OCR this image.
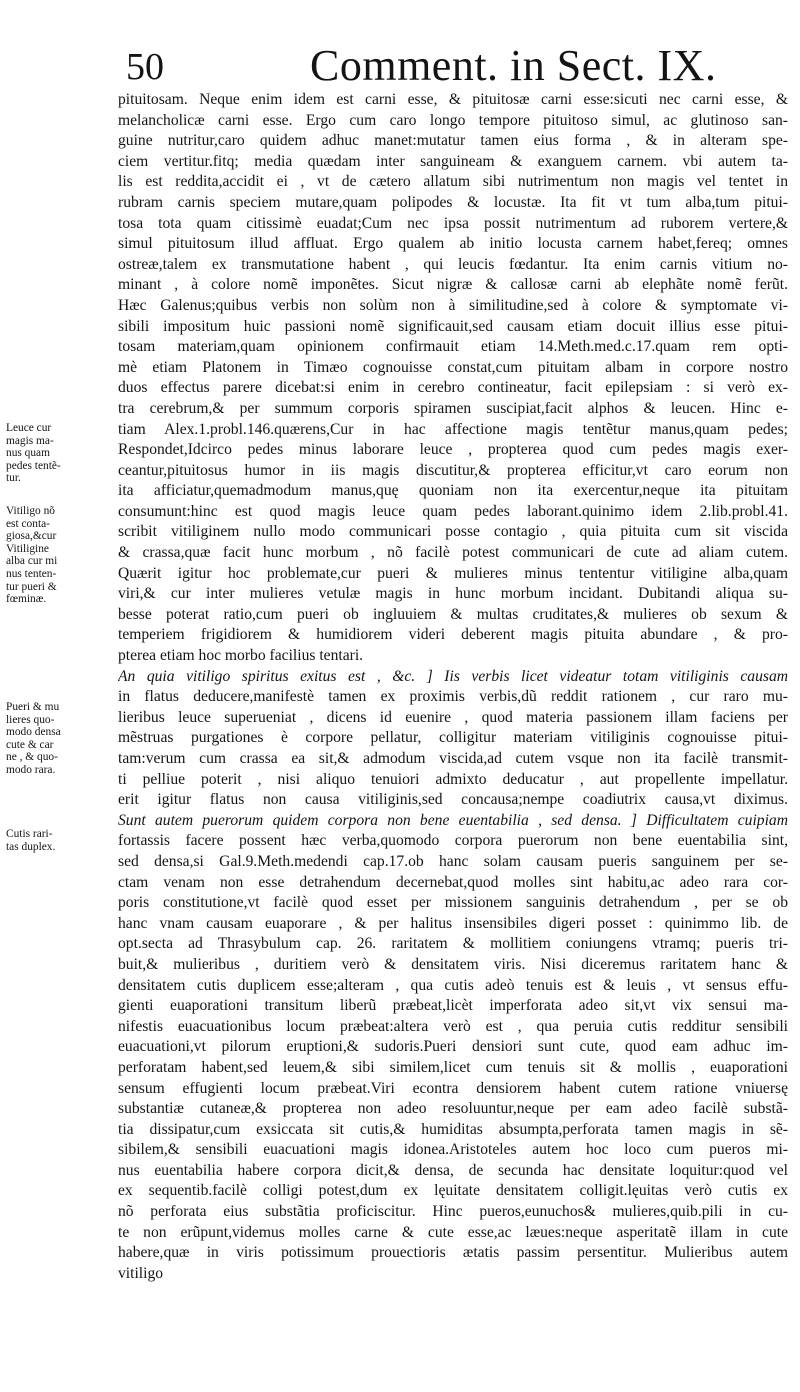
50	Comment. in Sect. IX.
pituitosam. Neque enim idem est carni esse, & pituitosæ carni esse:sicuti nec carni esse, &
melancholicæ carni esse. Ergo cum caro longo tempore pituitoso simul, ac glutinoso san-
guine nutritur,caro quidem adhuc manet:mutatur tamen eius forma , & in alteram spe-
ciem vertitur.fitq; media quædam inter sanguineam & exanguem carnem. vbi autem ta-
lis est reddita,accidit ei , vt de cætero allatum sibi nutrimentum non magis vel tentet in
rubram carnis speciem mutare,quam polipodes & locustæ. Ita fit vt tum alba,tum pitui-
tosa tota quam citissimè euadat;Cum nec ipsa possit nutrimentum ad ruborem vertere,&
simul pituitosum illud affluat. Ergo qualem ab initio locusta carnem habet,fereq; omnes
ostreæ,talem ex transmutatione habent , qui leucis fœdantur. Ita enim carnis vitium no-
minant , à colore nomẽ imponẽtes. Sicut nigræ & callosæ carni ab elephãte nomẽ ferũt.
Hæc Galenus;quibus verbis non solùm non à similitudine,sed à colore & symptomate vi-
sibili impositum huic passioni nomẽ significauit,sed causam etiam docuit illius esse pitui-
tosam materiam,quam opinionem confirmauit etiam 14.Meth.med.c.17.quam rem opti-
mè etiam Platonem in Timæo cognouisse constat,cum pituitam albam in corpore nostro
duos effectus parere dicebat:si enim in cerebro contineatur, facit epilepsiam : si verò ex-
tra cerebrum,& per summum corporis spiramen suscipiat,facit alphos & leucen. Hinc e-
tiam Alex.1.probl.146.quærens,Cur in hac affectione magis tentẽtur manus,quam pedes;
Respondet,Idcirco pedes minus laborare leuce , propterea quod cum pedes magis exer-
ceantur,pituitosus humor in iis magis discutitur,& propterea efficitur,vt caro eorum non
ita afficiatur,quemadmodum manus,quę quoniam non ita exercentur,neque ita pituitam
consumunt:hinc est quod magis leuce quam pedes laborant.quinimo idem 2.lib.probl.41.
scribit vitiliginem nullo modo communicari posse contagio , quia pituita cum sit viscida
& crassa,quæ facit hunc morbum , nõ facilè potest communicari de cute ad aliam cutem.
Quærit igitur hoc problemate,cur pueri & mulieres minus tententur vitiligine alba,quam
viri,& cur inter mulieres vetulæ magis in hunc morbum incidant. Dubitandi aliqua su-
besse poterat ratio,cum pueri ob ingluuiem & multas cruditates,& mulieres ob sexum &
temperiem frigidiorem & humidiorem videri deberent magis pituita abundare , & pro-
pterea etiam hoc morbo facilius tentari.
An quia vitiligo spiritus exitus est , &c. ] Iis verbis licet videatur totam vitiliginis causam
in flatus deducere,manifestè tamen ex proximis verbis,dũ reddit rationem , cur raro mu-
lieribus leuce superueniat , dicens id euenire , quod materia passionem illam faciens per
mẽstruas purgationes è corpore pellatur, colligitur materiam vitiliginis cognouisse pitui-
tam:verum cum crassa ea sit,& admodum viscida,ad cutem vsque non ita facilè transmit-
ti pelliue poterit , nisi aliquo tenuiori admixto deducatur , aut propellente impellatur.
erit igitur flatus non causa vitiliginis,sed concausa;nempe coadiutrix causa,vt diximus.
Sunt autem puerorum quidem corpora non bene euentabilia , sed densa. ] Difficultatem cuipiam
fortassis facere possent hæc verba,quomodo corpora puerorum non bene euentabilia sint,
sed densa,si Gal.9.Meth.medendi cap.17.ob hanc solam causam pueris sanguinem per se-
ctam venam non esse detrahendum decernebat,quod molles sint habitu,ac adeo rara cor-
poris constitutione,vt facilè quod esset per missionem sanguinis detrahendum , per se ob
hanc vnam causam euaporare , & per halitus insensibiles digeri posset : quinimmo lib. de
opt.secta ad Thrasybulum cap. 26. raritatem & mollitiem coniungens vtramq; pueris tri-
buit,& mulieribus , duritiem verò & densitatem viris. Nisi diceremus raritatem hanc &
densitatem cutis duplicem esse;alteram , qua cutis adeò tenuis est & leuis , vt sensus effu-
gienti euaporationi transitum liberũ præbeat,licèt imperforata adeo sit,vt vix sensui ma-
nifestis euacuationibus locum præbeat:altera verò est , qua peruia cutis redditur sensibili
euacuationi,vt pilorum eruptioni,& sudoris.Pueri densiori sunt cute, quod eam adhuc im-
perforatam habent,sed leuem,& sibi similem,licet cum tenuis sit & mollis , euaporationi
sensum effugienti locum præbeat.Viri econtra densiorem habent cutem ratione vniuersę
substantiæ cutaneæ,& propterea non adeo resoluuntur,neque per eam adeo facilè substã-
tia dissipatur,cum exsiccata sit cutis,& humiditas absumpta,perforata tamen magis in sẽ-
sibilem,& sensibili euacuationi magis idonea.Aristoteles autem hoc loco cum pueros mi-
nus euentabilia habere corpora dicit,& densa, de secunda hac densitate loquitur:quod vel
ex sequentib.facilè colligi potest,dum ex lęuitate densitatem colligit.lęuitas verò cutis ex
nõ perforata eius substãtia proficiscitur. Hinc pueros,eunuchos& mulieres,quib.pili in cu-
te non erũpunt,videmus molles carne & cute esse,ac læues:neque asperitatẽ illam in cute
habere,quæ in viris potissimum prouectioris ætatis passim persentitur. Mulieribus autem
vitiligo
Leuce cur
magis ma-
nus quam
pedes tentẽ-
tur.
Vitiligo nõ
est conta-
giosa,&cur
Vitiligine
alba cur mi
nus tenten-
tur pueri &
fœminæ.
Pueri & mu
lieres quo-
modo densa
cute & car
ne , & quo-
modo rara.
Cutis rari-
tas duplex.
